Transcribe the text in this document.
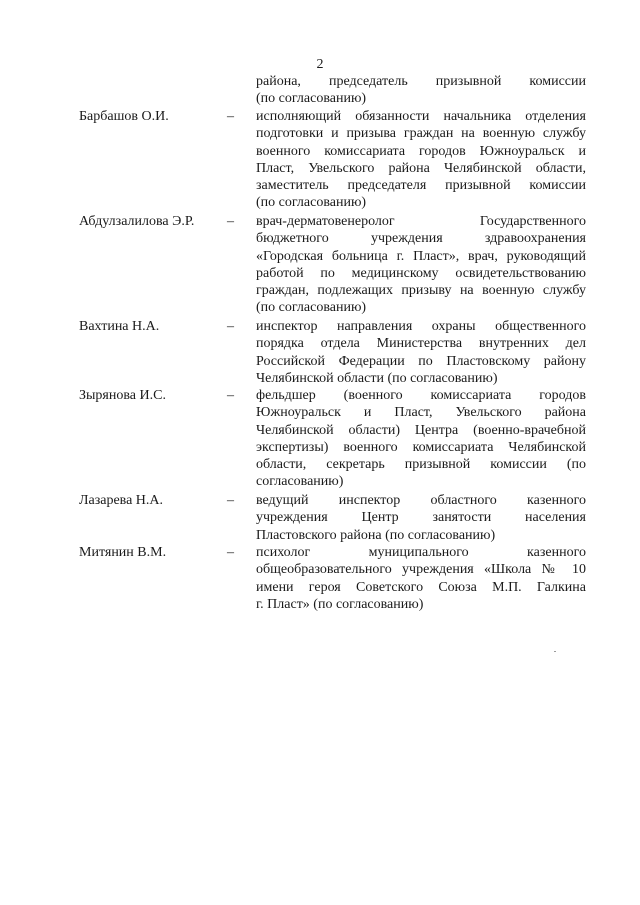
2
района, председатель призывной комиссии
(по согласованию)
Барбашов О.И.	– исполняющий обязанности начальника отделения
подготовки и призыва граждан на военную службу
военного комиссариата городов Южноуральск и
Пласт, Увельского района Челябинской области,
заместитель председателя призывной комиссии
(по согласованию)
Абдулзалилова Э.Р. – врач-дерматовенеролог Государственного
бюджетного учреждения здравоохранения
«Городская больница г. Пласт», врач, руководящий
работой по медицинскому освидетельствованию
граждан, подлежащих призыву на военную службу
(по согласованию)
Вахтина Н.А.	– инспектор направления охраны общественного
порядка отдела Министерства внутренних дел
Российской Федерации по Пластовскому району
Челябинской области (по согласованию)
Зырянова И.С.	– фельдшер (военного комиссариата городов
Южноуральск и Пласт, Увельского района
Челябинской области) Центра (военно-врачебной
экспертизы) военного комиссариата Челябинской
области, секретарь призывной комиссии (по
согласованию)
Лазарева Н.А.	– ведущий инспектор областного казенного
учреждения Центр занятости населения
Пластовского района (по согласованию)
Митянин В.М.	– психолог муниципального казенного
общеобразовательного учреждения «Школа № 10
имени героя Советского Союза М.П. Галкина
г. Пласт» (по согласованию)
